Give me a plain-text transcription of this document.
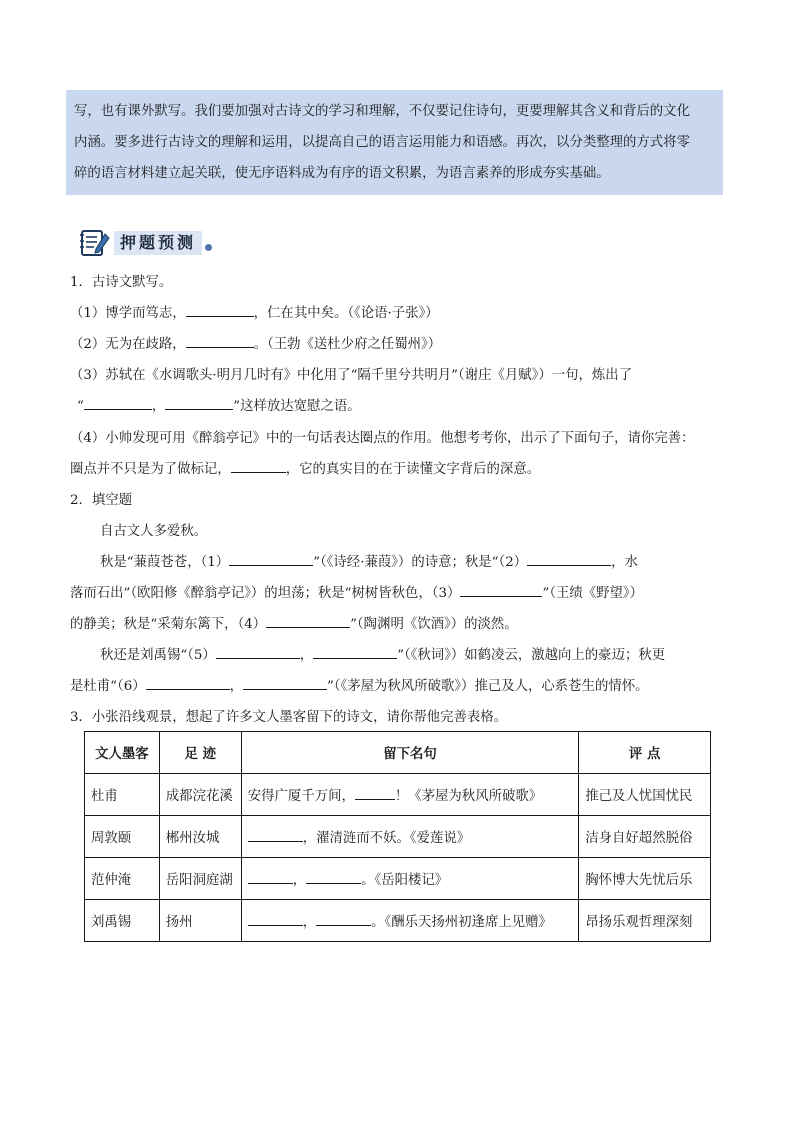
写，也有课外默写。我们要加强对古诗文的学习和理解，不仅要记住诗句，更要理解其含义和背后的文化

内涵。要多进行古诗文的理解和运用，以提高自己的语言运用能力和语感。再次，以分类整理的方式将零

碎的语言材料建立起关联，使无序语料成为有序的语文积累，为语言素养的形成夯实基础。

押题预测
1．古诗文默写。
（1）博学而笃志，	，仁在其中矣。（《论语·子张》）
（2）无为在歧路，	。（王勃《送杜少府之任蜀州》）
（3）苏轼在《水调歌头·明月几时有》中化用了“隔千里兮共明月”（谢庄《月赋》）一句，炼出了
“	，	”这样放达宽慰之语。
（4）小帅发现可用《醉翁亭记》中的一句话表达圈点的作用。他想考考你，出示了下面句子，请你完善：
圈点并不只是为了做标记，	，它的真实目的在于读懂文字背后的深意。
2．填空题
自古文人多爱秋。
秋是“蒹葭苍苍，（1）	”（《诗经·蒹葭》）的诗意；秋是“（2）	，水
落而石出”（欧阳修《醉翁亭记》）的坦荡；秋是“树树皆秋色，（3）	”（王绩《野望》）
的静美；秋是“采菊东篱下，（4）	”（陶渊明《饮酒》）的淡然。
秋还是刘禹锡“（5）	，	”（《秋词》）如鹤凌云，激越向上的豪迈；秋更
是杜甫“（6）	，	”（《茅屋为秋风所破歌》）推己及人，心系苍生的情怀。
3．小张沿线观景，想起了许多文人墨客留下的诗文，请你帮他完善表格。
文人墨客	足 迹	留下名句	评 点
杜甫	成都浣花溪	安得广厦千万间， ！《茅屋为秋风所破歌》	推己及人忧国忧民
周敦颐	郴州汝城	，濯清涟而不妖。《爱莲说》	洁身自好超然脱俗
范仲淹	岳阳洞庭湖	， 。《岳阳楼记》	胸怀博大先忧后乐
刘禹锡	扬州	， 。《酬乐天扬州初逢席上见赠》	昂扬乐观哲理深刻
